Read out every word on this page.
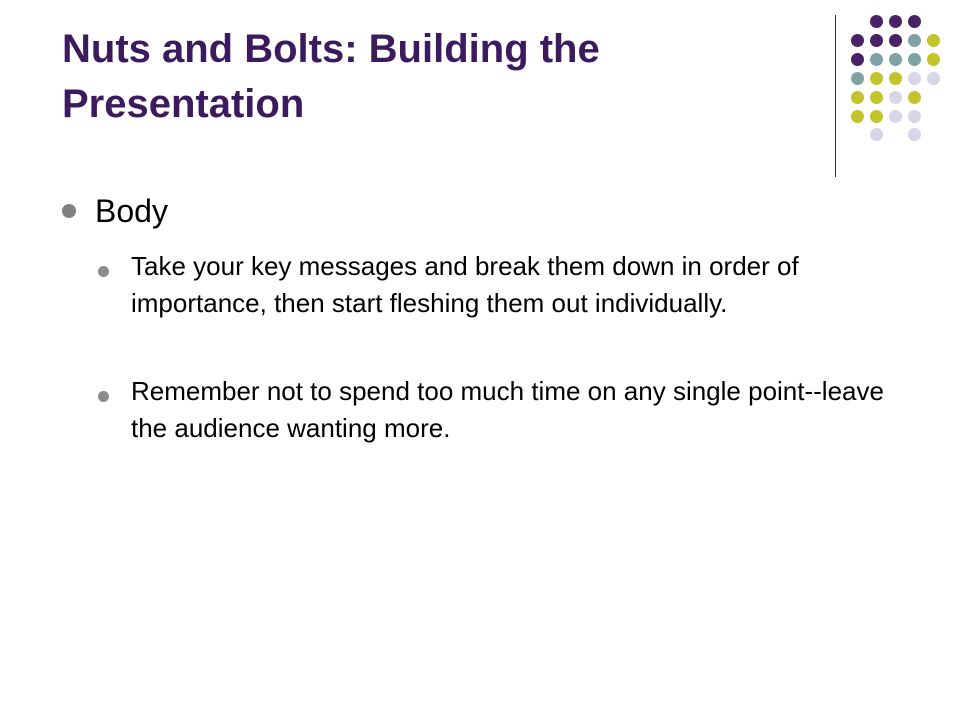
Nuts and Bolts: Building the Presentation

Body

Take your key messages and break them down in order of importance, then start fleshing them out individually.

Remember not to spend too much time on any single point--leave the audience wanting more.
